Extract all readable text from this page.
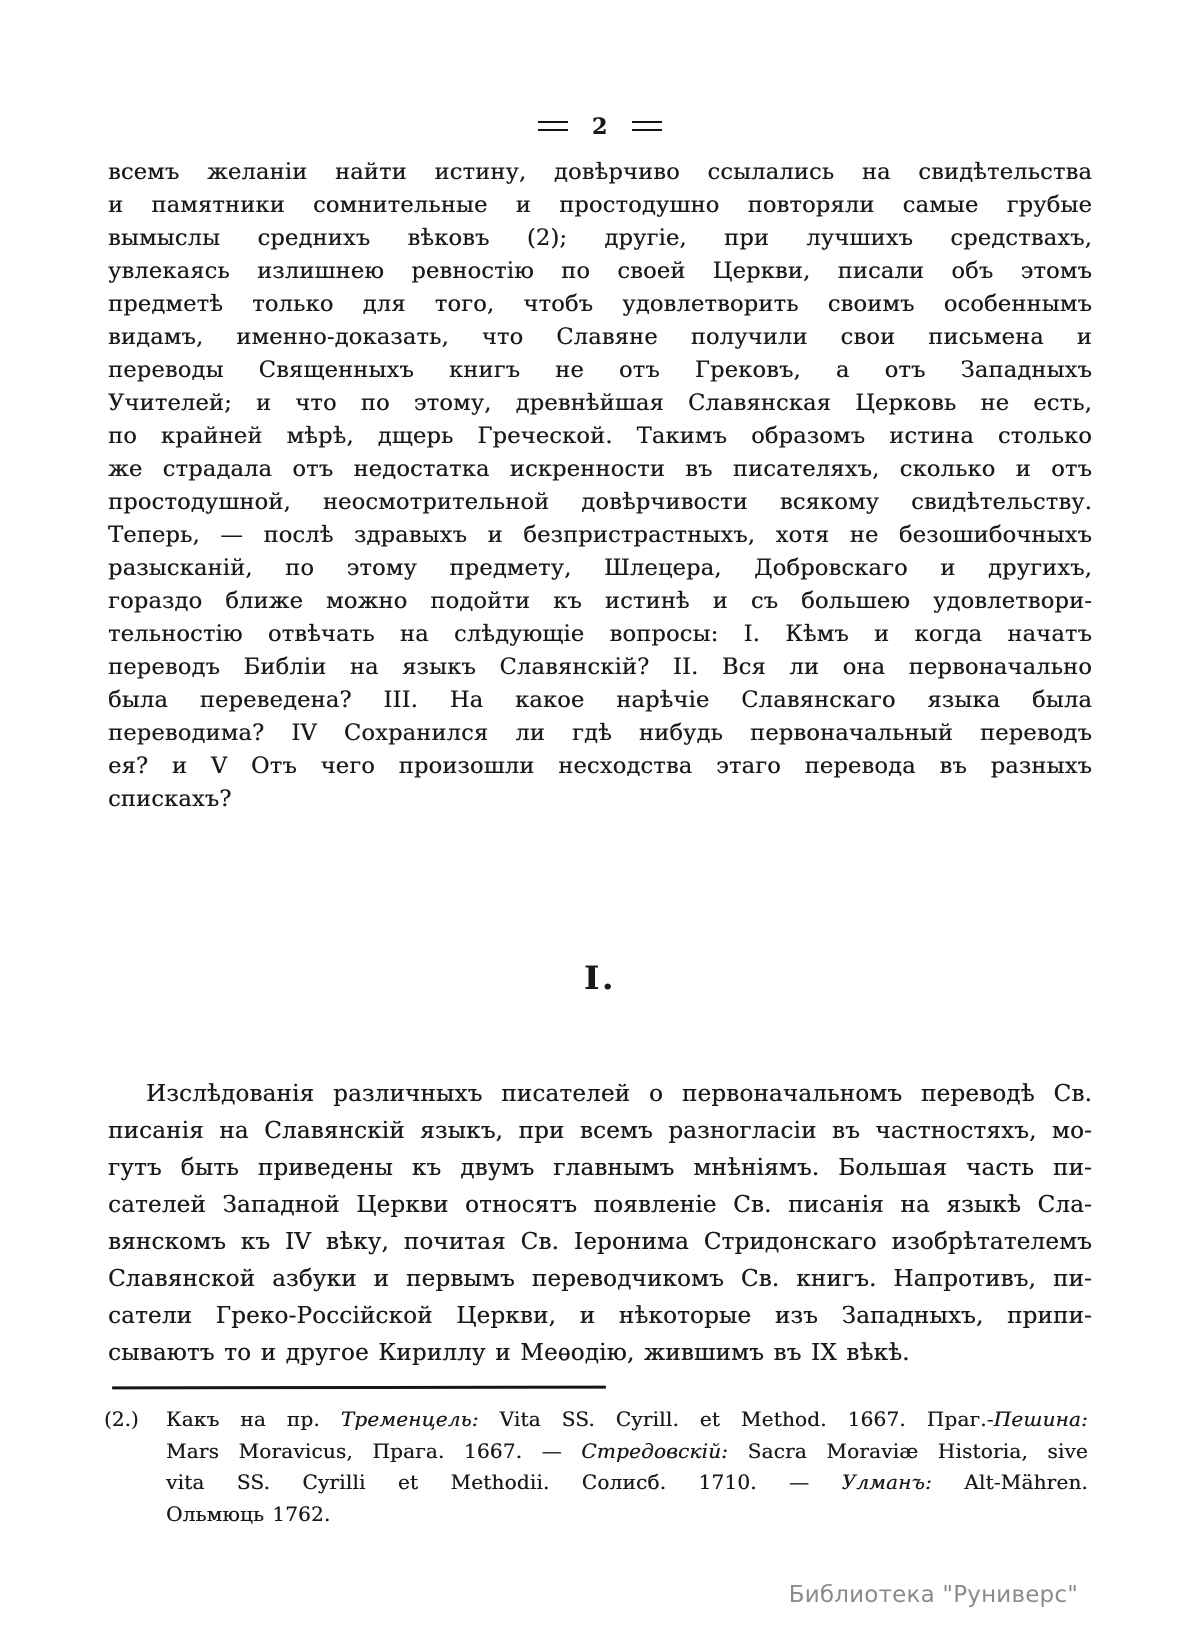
2
всемъ желаніи найти истину, довѣрчиво ссылались на свидѣтельства
и памятники сомнительные и простодушно повторяли самые грубые
вымыслы среднихъ вѣковъ (2); другіе, при лучшихъ средствахъ,
увлекаясь излишнею ревностію по своей Церкви, писали объ этомъ
предметѣ только для того, чтобъ удовлетворить своимъ особеннымъ
видамъ, именно-доказать, что Славяне получили свои письмена и
переводы Священныхъ книгъ не отъ Грековъ, а отъ Западныхъ
Учителей; и что по этому, древнѣйшая Славянская Церковь не есть,
по крайней мѣрѣ, дщерь Греческой. Такимъ образомъ истина столько
же страдала отъ недостатка искренности въ писателяхъ, сколько и отъ
простодушной, неосмотрительной довѣрчивости всякому свидѣтельству.
Теперь, — послѣ здравыхъ и безпристрастныхъ, хотя не безошибочныхъ
разысканій, по этому предмету, Шлецера, Добровскаго и другихъ,
гораздо ближе можно подойти къ истинѣ и съ большею удовлетвори-
тельностію отвѣчать на слѣдующіе вопросы: I. Кѣмъ и когда начатъ
переводъ Библіи на языкъ Славянскій? II. Вся ли она первоначально
была переведена? III. На какое нарѣчіе Славянскаго языка была
переводима? IV Сохранился ли гдѣ нибудь первоначальный переводъ
ея? и V Отъ чего произошли несходства этаго перевода въ разныхъ
спискахъ?
I.
Изслѣдованія различныхъ писателей о первоначальномъ переводѣ Св.
писанія на Славянскій языкъ, при всемъ разногласіи въ частностяхъ, мо-
гутъ быть приведены къ двумъ главнымъ мнѣніямъ. Большая часть пи-
сателей Западной Церкви относятъ появленіе Св. писанія на языкѣ Сла-
вянскомъ къ IV вѣку, почитая Св. Іеронима Стридонскаго изобрѣтателемъ
Славянской азбуки и первымъ переводчикомъ Св. книгъ. Напротивъ, пи-
сатели Греко-Россійской Церкви, и нѣкоторые изъ Западныхъ, припи-
сываютъ то и другое Кириллу и Меѳодію, жившимъ въ IX вѣкѣ.
(2.) Какъ на пр. Тременцель: Vita SS. Cyrill. et Method. 1667. Праг.-Пешина:
Mars Moravicus, Прага. 1667. — Стредовскій: Sacra Moraviæ Historia, sive
vita SS. Cyrilli et Methodii. Солисб. 1710. — Улманъ: Alt-Mähren.
Ольмюць 1762.
Библиотека "Руниверс"
